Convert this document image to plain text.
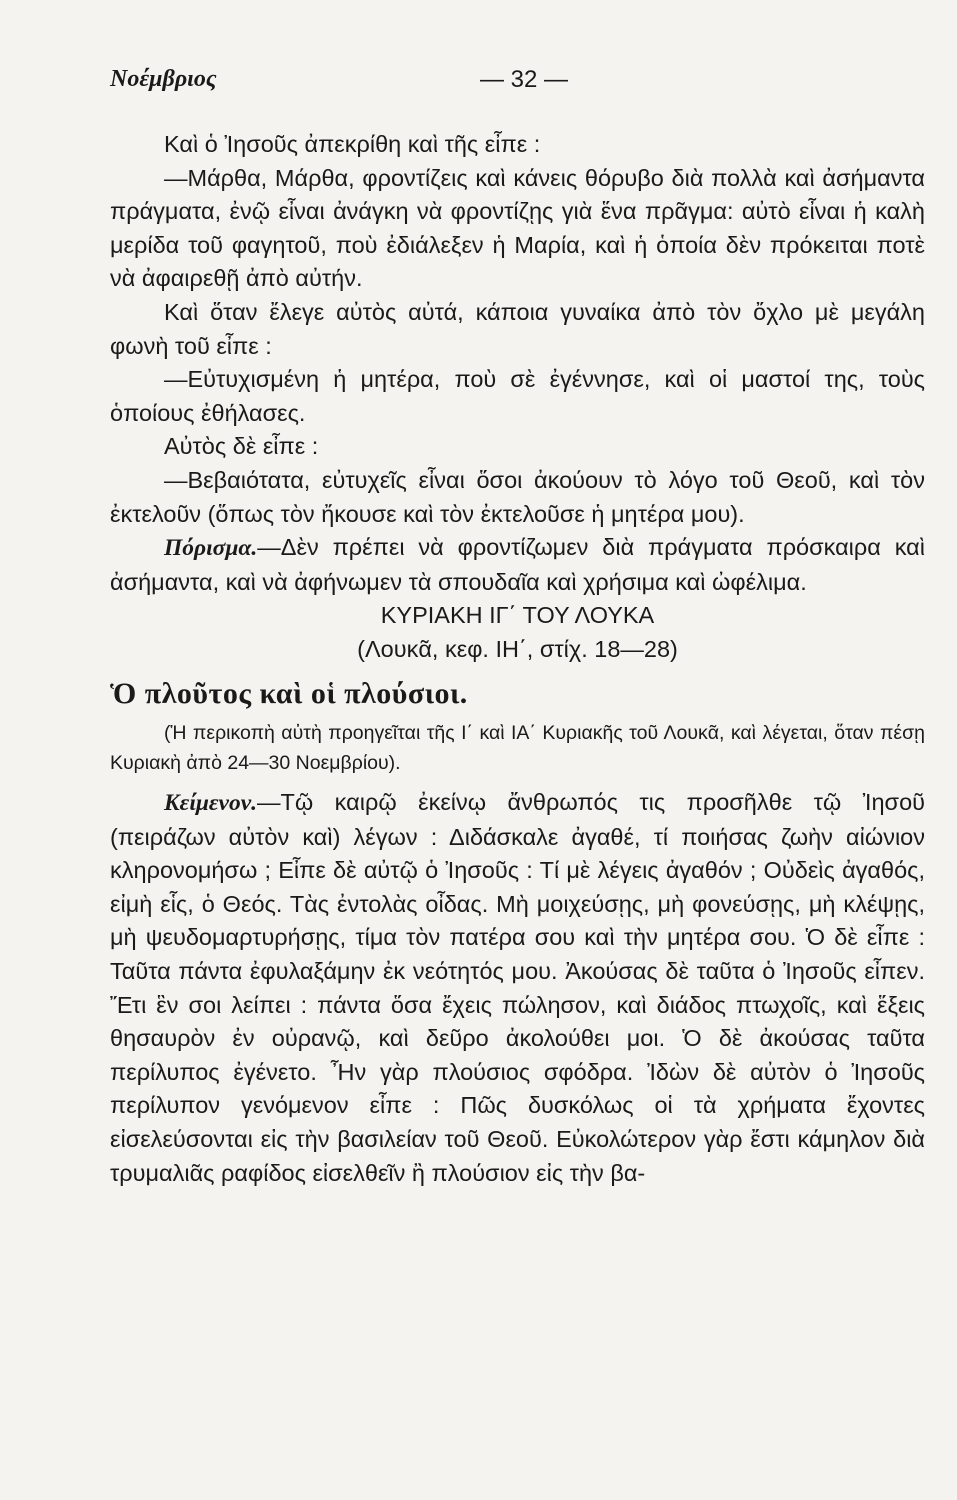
Νοέμβριος	— 32 —

Καὶ ὁ Ἰησοῦς ἀπεκρίθη καὶ τῆς εἶπε :

—Μάρθα, Μάρθα, φροντίζεις καὶ κάνεις θόρυβο διὰ πολλὰ καὶ ἀσήμαντα πράγματα, ἐνῷ εἶναι ἀνάγκη νὰ φροντίζῃς γιὰ ἕνα πρᾶγμα: αὐτὸ εἶναι ἡ καλὴ μερίδα τοῦ φαγητοῦ, ποὺ ἐδιάλεξεν ἡ Μαρία, καὶ ἡ ὁποία δὲν πρόκειται ποτὲ νὰ ἀφαιρεθῇ ἀπὸ αὐτήν.

Καὶ ὅταν ἔλεγε αὐτὸς αὐτά, κάποια γυναίκα ἀπὸ τὸν ὄχλο μὲ μεγάλη φωνὴ τοῦ εἶπε :

—Εὐτυχισμένη ἡ μητέρα, ποὺ σὲ ἐγέννησε, καὶ οἱ μαστοί της, τοὺς ὁποίους ἐθήλασες.

Αὐτὸς δὲ εἶπε :

—Βεβαιότατα, εὐτυχεῖς εἶναι ὅσοι ἀκούουν τὸ λόγο τοῦ Θεοῦ, καὶ τὸν ἐκτελοῦν (ὅπως τὸν ἤκουσε καὶ τὸν ἐκτελοῦσε ἡ μητέρα μου).

Πόρισμα.—Δὲν πρέπει νὰ φροντίζωμεν διὰ πράγματα πρόσκαιρα καὶ ἀσήμαντα, καὶ νὰ ἀφήνωμεν τὰ σπουδαῖα καὶ χρήσιμα καὶ ὠφέλιμα.

ΚΥΡΙΑΚΗ ΙΓ΄ ΤΟΥ ΛΟΥΚΑ

(Λουκᾶ, κεφ. ΙΗ΄, στίχ. 18—28)

Ὁ πλοῦτος καὶ οἱ πλούσιοι.

(Ἡ περικοπὴ αὐτὴ προηγεῖται τῆς Ι΄ καὶ ΙΑ΄ Κυριακῆς τοῦ Λουκᾶ, καὶ λέγεται, ὅταν πέσῃ Κυριακὴ ἀπὸ 24—30 Νοεμβρίου).

Κείμενον.—Τῷ καιρῷ ἐκείνῳ ἄνθρωπός τις προσῆλθε τῷ Ἰησοῦ (πειράζων αὐτὸν καὶ) λέγων : Διδάσκαλε ἀγαθέ, τί ποιήσας ζωὴν αἰώνιον κληρονομήσω ; Εἶπε δὲ αὐτῷ ὁ Ἰησοῦς : Τί μὲ λέγεις ἀγαθόν ; Οὐδεὶς ἀγαθός, εἰμὴ εἷς, ὁ Θεός. Τὰς ἐντολὰς οἶδας. Μὴ μοιχεύσῃς, μὴ φονεύσῃς, μὴ κλέψῃς, μὴ ψευδομαρτυρήσῃς, τίμα τὸν πατέρα σου καὶ τὴν μητέρα σου. Ὁ δὲ εἶπε : Ταῦτα πάντα ἐφυλαξάμην ἐκ νεότητός μου. Ἀκούσας δὲ ταῦτα ὁ Ἰησοῦς εἶπεν. Ἔτι ἓν σοι λείπει : πάντα ὅσα ἔχεις πώλησον, καὶ διάδος πτωχοῖς, καὶ ἕξεις θησαυρὸν ἐν οὐρανῷ, καὶ δεῦρο ἀκολούθει μοι. Ὁ δὲ ἀκούσας ταῦτα περίλυπος ἐγένετο. Ἦν γὰρ πλούσιος σφόδρα. Ἰδὼν δὲ αὐτὸν ὁ Ἰησοῦς περίλυπον γενόμενον εἶπε : Πῶς δυσκόλως οἱ τὰ χρήματα ἔχοντες εἰσελεύσονται εἰς τὴν βασιλείαν τοῦ Θεοῦ. Εὐκολώτερον γὰρ ἔστι κάμηλον διὰ τρυμαλιᾶς ραφίδος εἰσελθεῖν ἢ πλούσιον εἰς τὴν βα-
